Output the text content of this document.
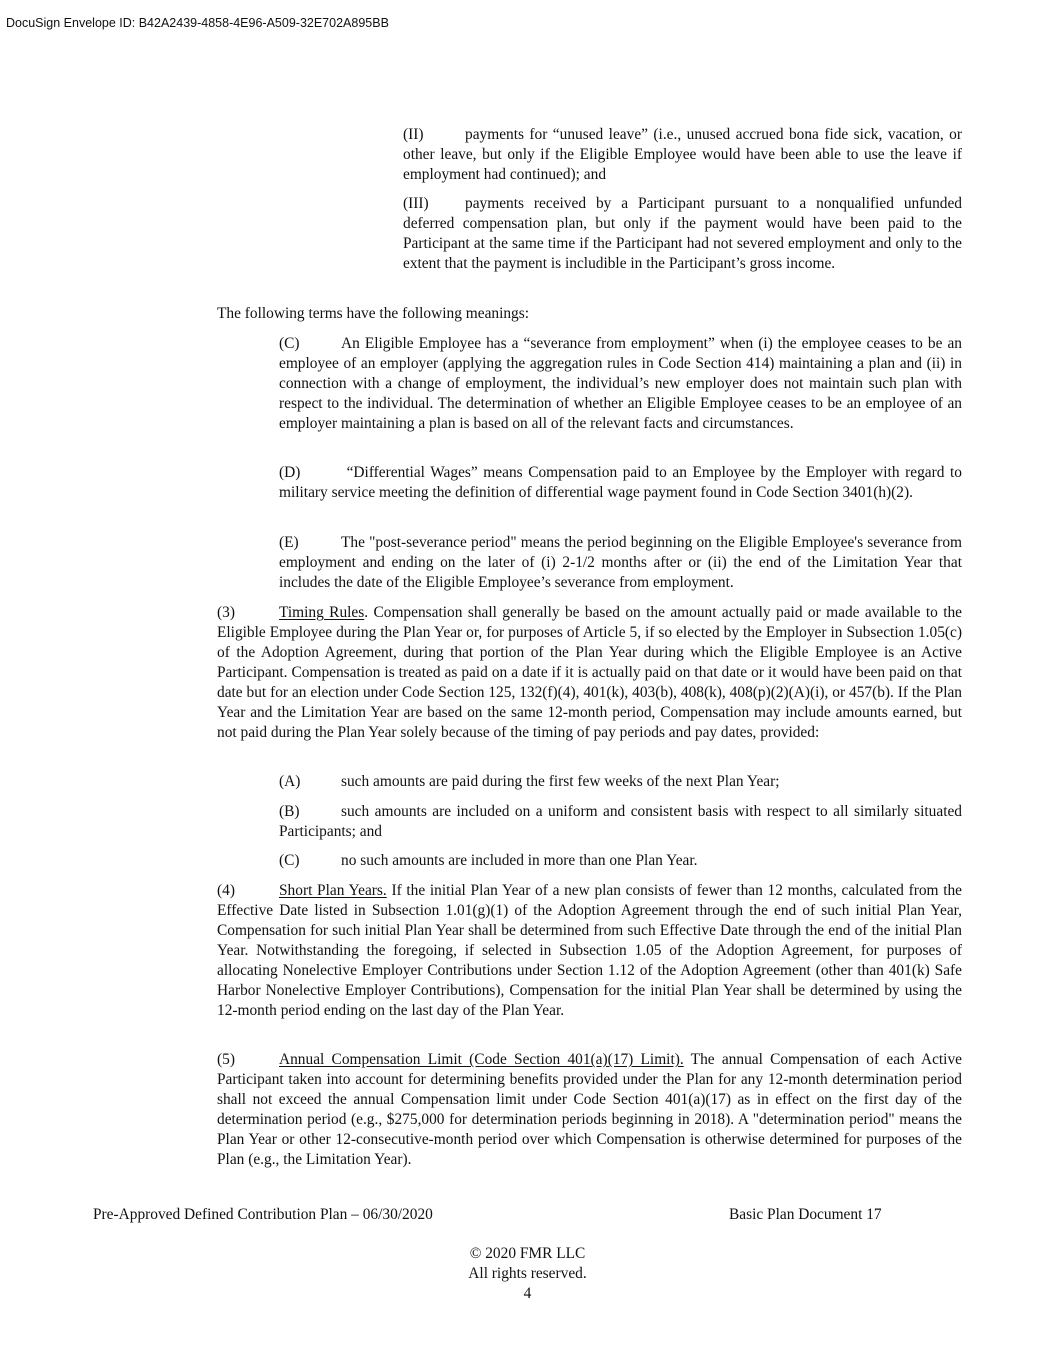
DocuSign Envelope ID: B42A2439-4858-4E96-A509-32E702A895BB

(II)	payments for “unused leave” (i.e., unused accrued bona fide sick, vacation, or other leave, but only if the Eligible Employee would have been able to use the leave if employment had continued); and

(III) payments received by a Participant pursuant to a nonqualified unfunded deferred compensation plan, but only if the payment would have been paid to the Participant at the same time if the Participant had not severed employment and only to the extent that the payment is includible in the Participant’s gross income.

The following terms have the following meanings:

(C)	An Eligible Employee has a “severance from employment” when (i) the employee ceases to be an employee of an employer (applying the aggregation rules in Code Section 414) maintaining a plan and (ii) in connection with a change of employment, the individual’s new employer does not maintain such plan with respect to the individual. The determination of whether an Eligible Employee ceases to be an employee of an employer maintaining a plan is based on all of the relevant facts and circumstances.

(D)	“Differential Wages” means Compensation paid to an Employee by the Employer with regard to military service meeting the definition of differential wage payment found in Code Section 3401(h)(2).

(E)	The "post-severance period" means the period beginning on the Eligible Employee's severance from employment and ending on the later of (i) 2-1/2 months after or (ii) the end of the Limitation Year that includes the date of the Eligible Employee’s severance from employment.

(3)	Timing Rules. Compensation shall generally be based on the amount actually paid or made available to the Eligible Employee during the Plan Year or, for purposes of Article 5, if so elected by the Employer in Subsection 1.05(c) of the Adoption Agreement, during that portion of the Plan Year during which the Eligible Employee is an Active Participant. Compensation is treated as paid on a date if it is actually paid on that date or it would have been paid on that date but for an election under Code Section 125, 132(f)(4), 401(k), 403(b), 408(k), 408(p)(2)(A)(i), or 457(b). If the Plan Year and the Limitation Year are based on the same 12-month period, Compensation may include amounts earned, but not paid during the Plan Year solely because of the timing of pay periods and pay dates, provided:

(A)	such amounts are paid during the first few weeks of the next Plan Year;

(B)	such amounts are included on a uniform and consistent basis with respect to all similarly situated Participants; and

(C)	no such amounts are included in more than one Plan Year.

(4)	Short Plan Years. If the initial Plan Year of a new plan consists of fewer than 12 months, calculated from the Effective Date listed in Subsection 1.01(g)(1) of the Adoption Agreement through the end of such initial Plan Year, Compensation for such initial Plan Year shall be determined from such Effective Date through the end of the initial Plan Year. Notwithstanding the foregoing, if selected in Subsection 1.05 of the Adoption Agreement, for purposes of allocating Nonelective Employer Contributions under Section 1.12 of the Adoption Agreement (other than 401(k) Safe Harbor Nonelective Employer Contributions), Compensation for the initial Plan Year shall be determined by using the 12-month period ending on the last day of the Plan Year.

(5)	Annual Compensation Limit (Code Section 401(a)(17) Limit). The annual Compensation of each Active Participant taken into account for determining benefits provided under the Plan for any 12-month determination period shall not exceed the annual Compensation limit under Code Section 401(a)(17) as in effect on the first day of the determination period (e.g., $275,000 for determination periods beginning in 2018). A "determination period" means the Plan Year or other 12-consecutive-month period over which Compensation is otherwise determined for purposes of the Plan (e.g., the Limitation Year).

Pre-Approved Defined Contribution Plan – 06/30/2020	Basic Plan Document 17
© 2020 FMR LLC
All rights reserved.
4
